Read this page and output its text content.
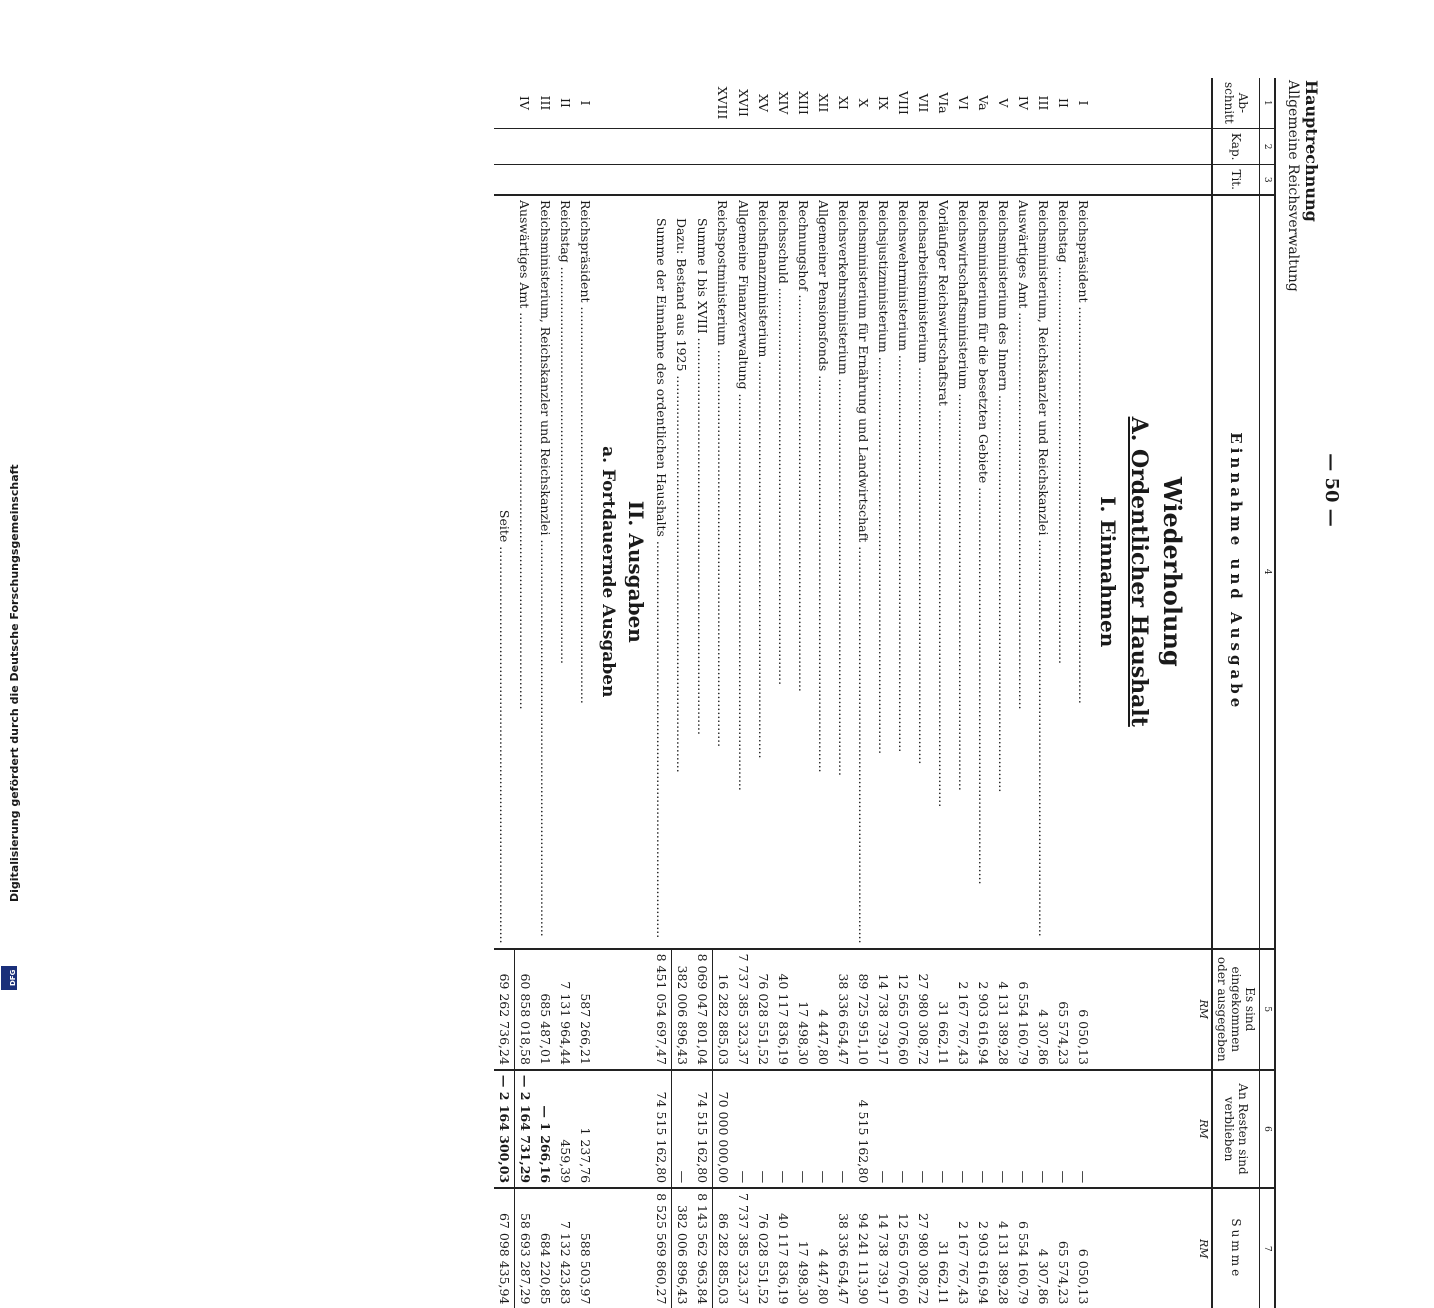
Digitalisierung gefördert durch die Deutsche Forschungsgemeinschaft
DFG
— 50 —
Hauptrechnung
Allgemeine Reichsverwaltung
1	2	3	4	5	6	7
Ab-schnitt	Kap.	Tit.	Einnahme und Ausgabe	Es sind eingekommen oder ausgegeben	An Resten sind verblieben	Summe
				RM	RM	RM

			Wiederholung
A. Ordentlicher Haushalt
I. Einnahmen			

I			Reichspräsident .....	6 050,13	—	6 050,13
II			Reichstag .....	65 574,23	—	65 574,23
III			Reichsministerium, Reichskanzler und Reichskanzlei .....	4 307,86	—	4 307,86
IV			Auswärtiges Amt .....	6 554 160,79	—	6 554 160,79
V			Reichsministerium des Innern .....	4 131 389,28	—	4 131 389,28
Va			Reichsministerium für die besetzten Gebiete .....	2 903 616,94	—	2 903 616,94
VI			Reichswirtschaftsministerium .....	2 167 767,43	—	2 167 767,43
VIa			Vorläufiger Reichswirtschaftsrat .....	31 662,11	—	31 662,11
VII			Reichsarbeitsministerium .....	27 980 308,72	—	27 980 308,72
VIII			Reichswehrministerium .....	12 565 076,60	—	12 565 076,60
IX			Reichsjustizministerium .....	14 738 739,17	—	14 738 739,17
X			Reichsministerium für Ernährung und Landwirtschaft .....	89 725 951,10	4 515 162,80	94 241 113,90
XI			Reichsverkehrsministerium .....	38 336 654,47	—	38 336 654,47
XII			Allgemeiner Pensionsfonds .....	4 447,80	—	4 447,80
XIII			Rechnungshof .....	17 498,30	—	17 498,30
XIV			Reichsschuld .....	40 117 836,19	—	40 117 836,19
XV			Reichsfinanzministerium .....	76 028 551,52	—	76 028 551,52
XVII			Allgemeine Finanzverwaltung .....	7 737 385 323,37	—	7 737 385 323,37
XVIII			Reichspostministerium .....	16 282 885,03	70 000 000,00	86 282 885,03

			Summe I bis XVIII .....	8 069 047 801,04	74 515 162,80	8 143 562 963,84

			Dazu: Bestand aus 1925 .....	382 006 896,43	—	382 006 896,43

			Summe der Einnahme des ordentlichen Haushalts .....	8 451 054 697,47	74 515 162,80	8 525 569 860,27

			II. Ausgaben
a. Fortdauernde Ausgaben			

I			Reichspräsident .....	587 266,21	1 237,76	588 503,97
II			Reichstag .....	7 131 964,44	459,39	7 132 423,83
III			Reichsministerium, Reichskanzler und Reichskanzlei .....	685 487,01	— 1 266,16	684 220,85
IV			Auswärtiges Amt .....	60 858 018,58	— 2 164 731,29	58 693 287,29

			Seite .....	69 262 736,24	— 2 164 300,03	67 098 435,94
